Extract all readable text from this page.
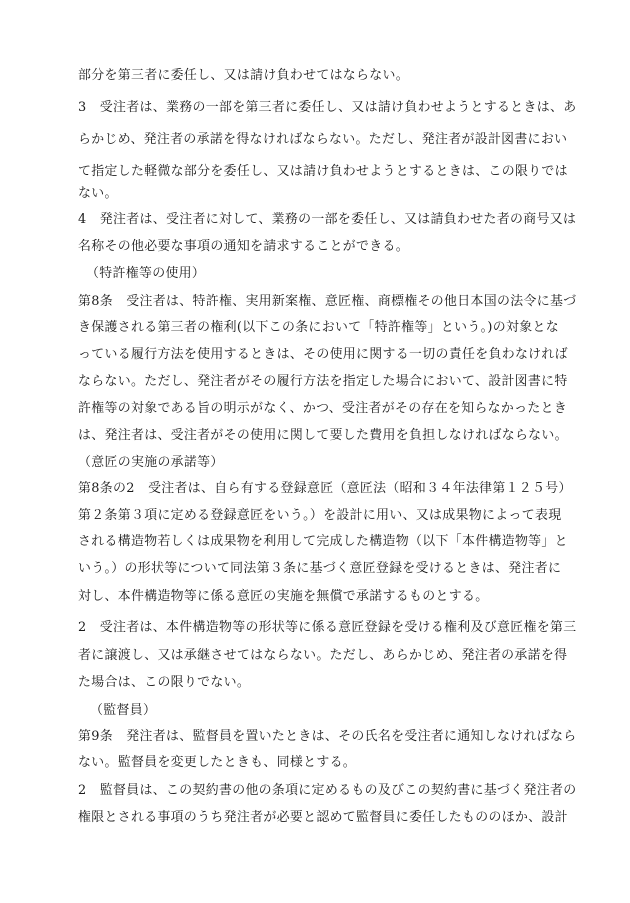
部分を第三者に委任し、又は請け負わせてはならない。
3　受注者は、業務の一部を第三者に委任し、又は請け負わせようとするときは、あ
らかじめ、発注者の承諾を得なければならない。ただし、発注者が設計図書におい
て指定した軽微な部分を委任し、又は請け負わせようとするときは、この限りでは
ない。
4　発注者は、受注者に対して、業務の一部を委任し、又は請負わせた者の商号又は
名称その他必要な事項の通知を請求することができる。
（特許権等の使用）
第8条　受注者は、特許権、実用新案権、意匠権、商標権その他日本国の法令に基づ
き保護される第三者の権利(以下この条において「特許権等」という。)の対象とな
っている履行方法を使用するときは、その使用に関する一切の責任を負わなければ
ならない。ただし、発注者がその履行方法を指定した場合において、設計図書に特
許権等の対象である旨の明示がなく、かつ、受注者がその存在を知らなかったとき
は、発注者は、受注者がその使用に関して要した費用を負担しなければならない。
（意匠の実施の承諾等）
第8条の2　受注者は、自ら有する登録意匠（意匠法（昭和３４年法律第１２５号）
第２条第３項に定める登録意匠をいう。）を設計に用い、又は成果物によって表現
される構造物若しくは成果物を利用して完成した構造物（以下「本件構造物等」と
いう。）の形状等について同法第３条に基づく意匠登録を受けるときは、発注者に
対し、本件構造物等に係る意匠の実施を無償で承諾するものとする。
2　受注者は、本件構造物等の形状等に係る意匠登録を受ける権利及び意匠権を第三
者に譲渡し、又は承継させてはならない。ただし、あらかじめ、発注者の承諾を得
た場合は、この限りでない。
（監督員）
第9条　発注者は、監督員を置いたときは、その氏名を受注者に通知しなければなら
ない。監督員を変更したときも、同様とする。
2　監督員は、この契約書の他の条項に定めるもの及びこの契約書に基づく発注者の
権限とされる事項のうち発注者が必要と認めて監督員に委任したもののほか、設計
